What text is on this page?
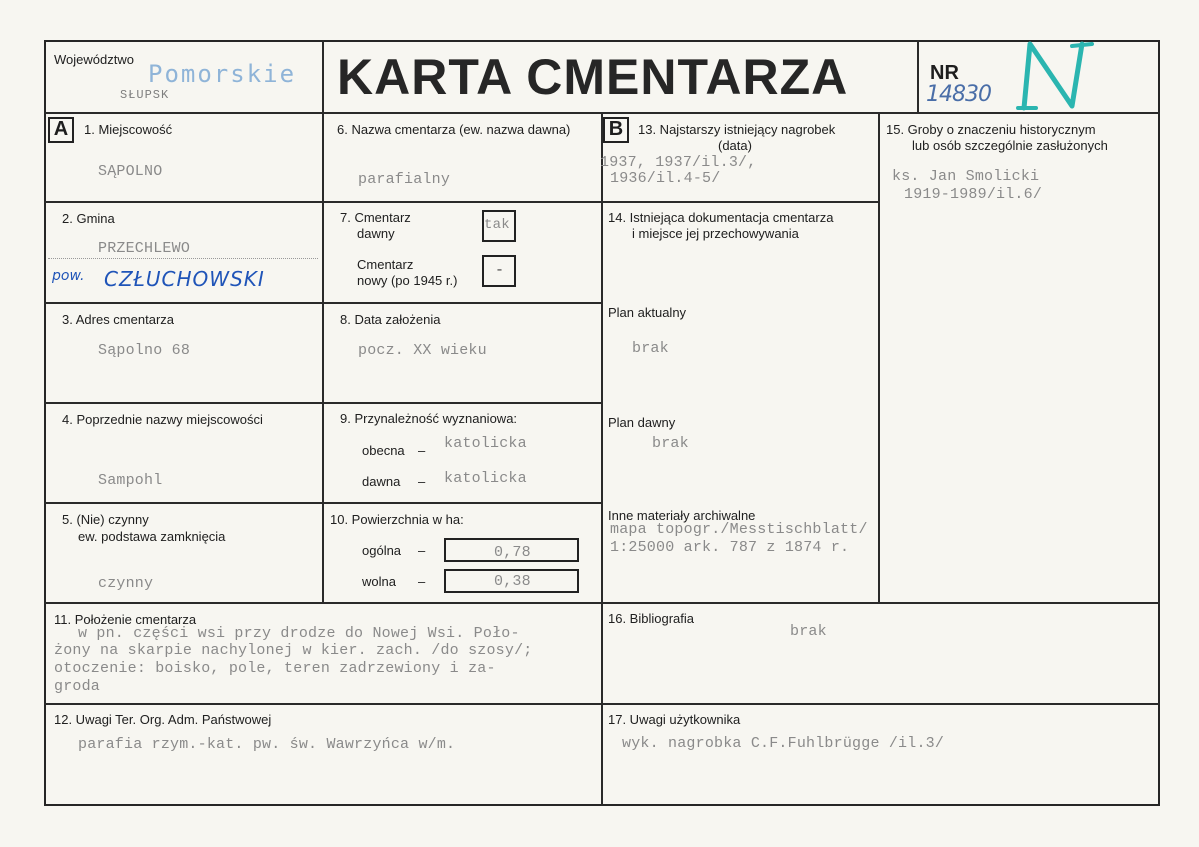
Województwo
Pomorskie
SŁUPSK	KARTA CMENTARZA	NR
14830
N
A	B
1. Miejscowość
SĄPOLNO
2. Gmina
PRZECHLEWO
pow. CZŁUCHOWSKI
3. Adres cmentarza
Sąpolno 68
4. Poprzednie nazwy miejscowości
Sampohl
5. (Nie) czynny
ew. podstawa zamknięcia
czynny
6. Nazwa cmentarza (ew. nazwa dawna)
parafialny
7. Cmentarz
dawny
tak
Cmentarz
nowy (po 1945 r.)
-
8. Data założenia
pocz. XX wieku
9. Przynależność wyznaniowa:
obecna – katolicka
dawna – katolicka
10. Powierzchnia w ha:
ogólna –	0,78
wolna –	0,38
11. Położenie cmentarza
w pn. części wsi przy drodze do Nowej Wsi. Poło-
żony na skarpie nachylonej w kier. zach. /do szosy/;
otoczenie: boisko, pole, teren zadrzewiony i za-
groda
12. Uwagi Ter. Org. Adm. Państwowej
parafia rzym.-kat. pw. św. Wawrzyńca w/m.
13. Najstarszy istniejący nagrobek
(data)
1937, 1937/il.3/,
1936/il.4-5/
14. Istniejąca dokumentacja cmentarza
i miejsce jej przechowywania
Plan aktualny
brak
Plan dawny
brak
Inne materiały archiwalne
mapa topogr./Messtischblatt/
1:25000 ark. 787 z 1874 r.
15. Groby o znaczeniu historycznym
lub osób szczególnie zasłużonych
ks. Jan Smolicki
1919-1989/il.6/
16. Bibliografia
brak
17. Uwagi użytkownika
wyk. nagrobka C.F.Fuhlbrügge /il.3/
